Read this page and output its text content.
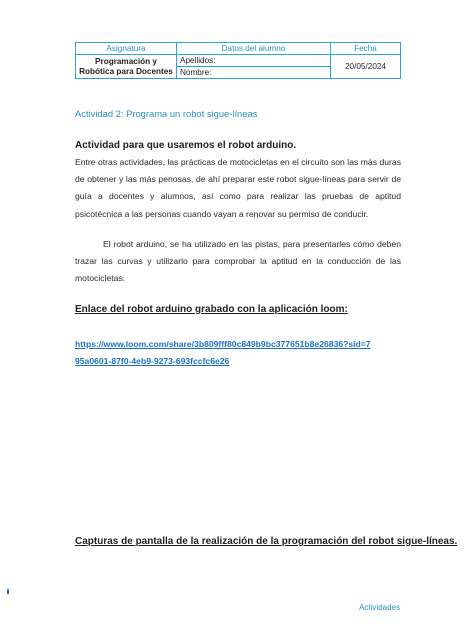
Asignatura	Datos del alumno	Fecha
Programación y Robótica para Docentes	Apellidos:	20/05/2024
	Nombre:	
Actividad 2: Programa un robot sigue-líneas
Actividad para que usaremos el robot arduino.
Entre otras actividades, las prácticas de motocicletas en el circuito son las más duras de obtener y las más penosas, de ahí preparar este robot sigue-líneas para servir de guía a docentes y alumnos, así como para realizar las pruebas de aptitud psicotécnica a las personas cuando vayan a renovar su permiso de conducir.
El robot arduino, se ha utilizado en las pistas, para presentarles cómo deben trazar las curvas y utilizarlo para comprobar la aptitud en la conducción de las motocicletas.
Enlace del robot arduino grabado con la aplicación loom:
https://www.loom.com/share/3b809fff80c849b9bc377651b8e26836?sid=795a0601-87f0-4eb9-9273-693fccfc6e26
Capturas de pantalla de la realización de la programación del robot sigue-líneas.
Actividades
